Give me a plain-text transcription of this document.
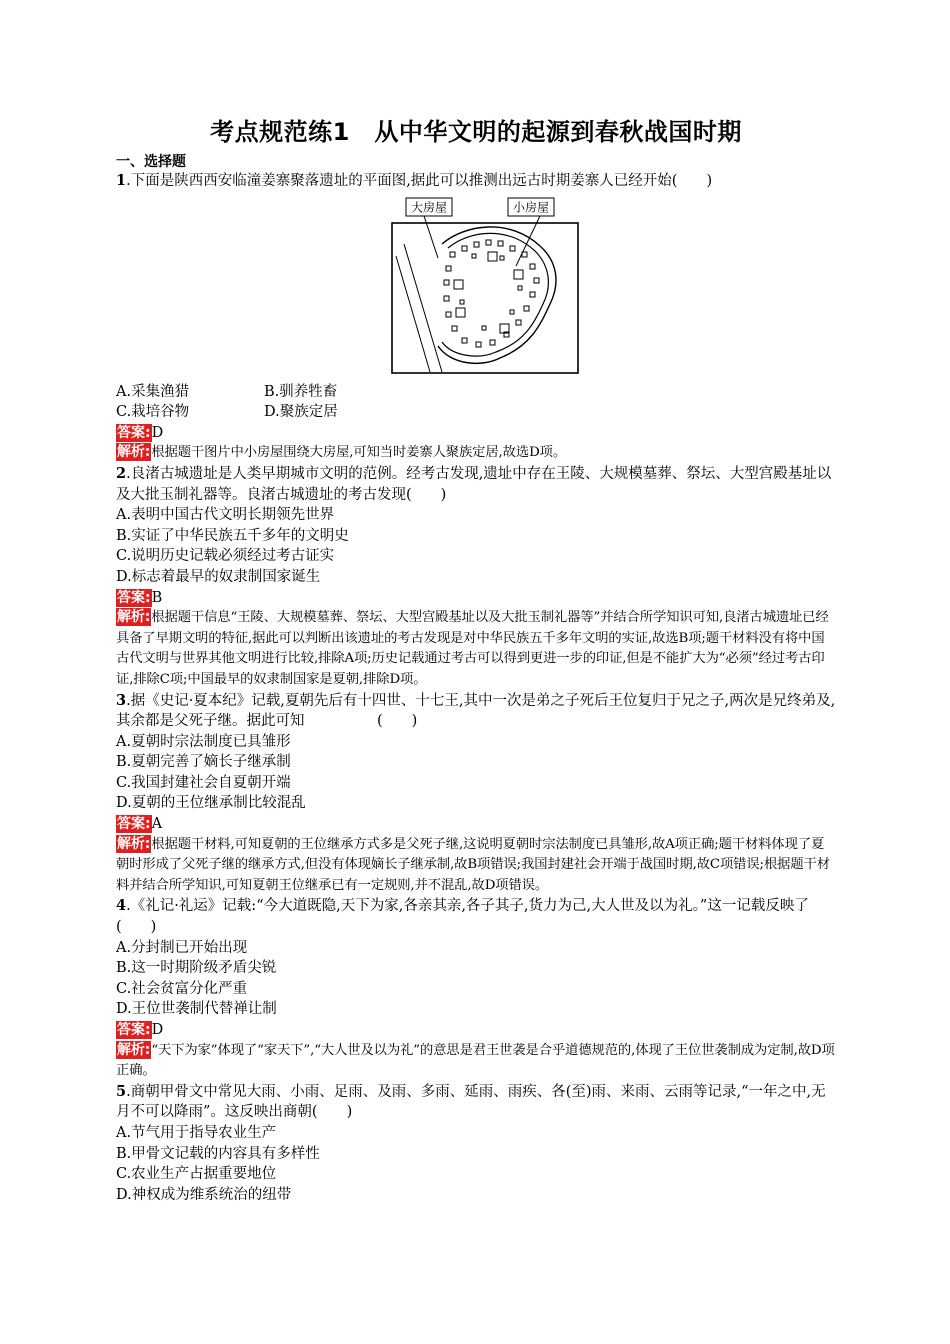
考点规范练1　从中华文明的起源到春秋战国时期

一、选择题

1.下面是陕西西安临潼姜寨聚落遗址的平面图,据此可以推测出远古时期姜寨人已经开始(　　)

大房屋	小房屋
A.采集渔猎	B.驯养牲畜
C.栽培谷物	D.聚族定居

答案:D

解析:根据题干图片中小房屋围绕大房屋,可知当时姜寨人聚族定居,故选D项。

2.良渚古城遗址是人类早期城市文明的范例。经考古发现,遗址中存在王陵、大规模墓葬、祭坛、大型宫殿基址以及大批玉制礼器等。良渚古城遗址的考古发现(　　)

A.表明中国古代文明长期领先世界
B.实证了中华民族五千多年的文明史
C.说明历史记载必须经过考古证实
D.标志着最早的奴隶制国家诞生

答案:B

解析:根据题干信息“王陵、大规模墓葬、祭坛、大型宫殿基址以及大批玉制礼器等”并结合所学知识可知,良渚古城遗址已经具备了早期文明的特征,据此可以判断出该遗址的考古发现是对中华民族五千多年文明的实证,故选B项;题干材料没有将中国古代文明与世界其他文明进行比较,排除A项;历史记载通过考古可以得到更进一步的印证,但是不能扩大为“必须”经过考古印证,排除C项;中国最早的奴隶制国家是夏朝,排除D项。

3.据《史记·夏本纪》记载,夏朝先后有十四世、十七王,其中一次是弟之子死后王位复归于兄之子,两次是兄终弟及,其余都是父死子继。据此可知　　　　　(　　)

A.夏朝时宗法制度已具雏形
B.夏朝完善了嫡长子继承制
C.我国封建社会自夏朝开端
D.夏朝的王位继承制比较混乱

答案:A

解析:根据题干材料,可知夏朝的王位继承方式多是父死子继,这说明夏朝时宗法制度已具雏形,故A项正确;题干材料体现了夏朝时形成了父死子继的继承方式,但没有体现嫡长子继承制,故B项错误;我国封建社会开端于战国时期,故C项错误;根据题干材料并结合所学知识,可知夏朝王位继承已有一定规则,并不混乱,故D项错误。

4.《礼记·礼运》记载:“今大道既隐,天下为家,各亲其亲,各子其子,货力为己,大人世及以为礼。”这一记载反映了(　　)

A.分封制已开始出现
B.这一时期阶级矛盾尖锐
C.社会贫富分化严重
D.王位世袭制代替禅让制

答案:D

解析:“天下为家”体现了“家天下”,“大人世及以为礼”的意思是君王世袭是合乎道德规范的,体现了王位世袭制成为定制,故D项正确。

5.商朝甲骨文中常见大雨、小雨、足雨、及雨、多雨、延雨、雨疾、各(至)雨、来雨、云雨等记录,“一年之中,无月不可以降雨”。这反映出商朝(　　)

A.节气用于指导农业生产
B.甲骨文记载的内容具有多样性
C.农业生产占据重要地位
D.神权成为维系统治的纽带
